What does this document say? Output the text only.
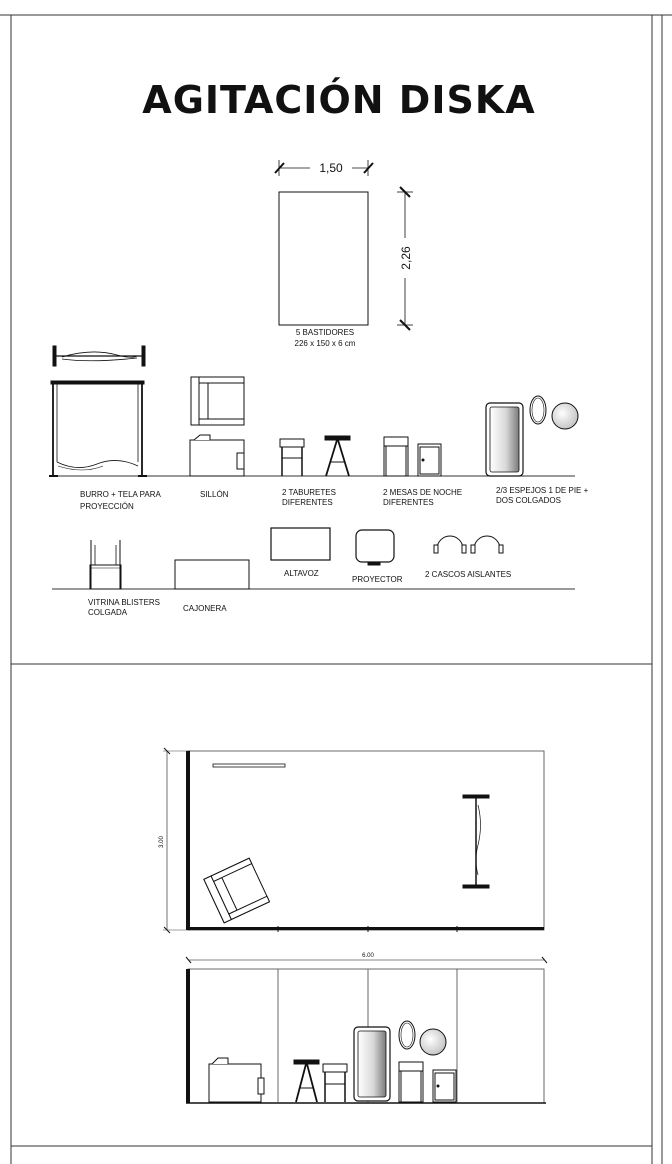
AGITACIÓN DISKA
1,50
2,26
5 BASTIDORES
226 x 150 x 6 cm
BURRO + TELA PARA
PROYECCIÓN
SILLÓN	2 TABURETES
DIFERENTES
2 MESAS DE NOCHE
DIFERENTES
2/3 ESPEJOS 1 DE PIE +
DOS COLGADOS
VITRINA BLISTERS
COLGADA	CAJONERA
ALTAVOZ
PROYECTOR
2 CASCOS AISLANTES
3.00
6.00
